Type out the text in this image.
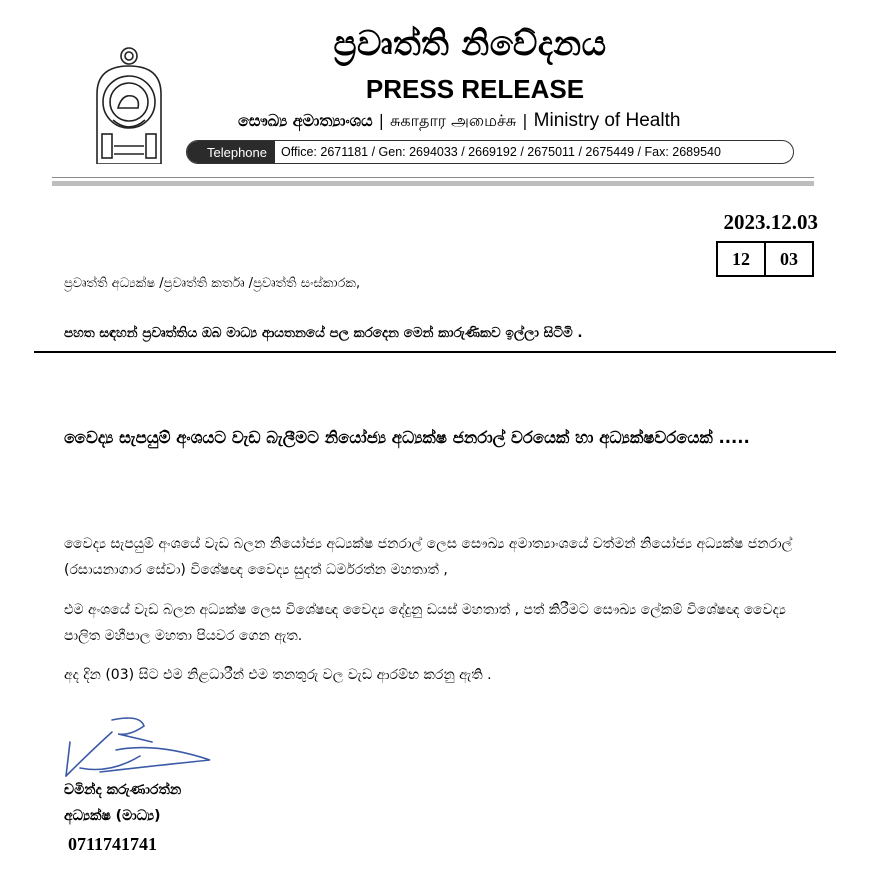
ප්‍රවෘත්ති නිවේදනය
PRESS RELEASE
සෞඛ්‍ය අමාත්‍යාංශය | சுகாதார அமைச்சு | Ministry of Health
Telephone	Office: 2671181 / Gen: 2694033 / 2669192 / 2675011 / 2675449 / Fax: 2689540
2023.12.03
12	03
ප්‍රවෘත්ති අධ්‍යක්ෂ /ප්‍රවෘත්ති කර්තෘ /ප්‍රවෘත්ති සංස්කාරක,
පහත සඳහන් ප්‍රවෘත්තිය ඔබ මාධ්‍ය ආයතනයේ පල කරදෙන මෙන් කාරුණිකව ඉල්ලා සිටිමි .
වෛද්‍ය සැපයුම් අංශයට වැඩ බැලීමට නියෝජ්‍ය අධ්‍යක්ෂ ජනරාල් වරයෙක් හා අධ්‍යක්ෂවරයෙක් .....
වෛද්‍ය සැපයුම් අංශයේ වැඩ බලන නියෝජ්‍ය අධ්‍යක්ෂ ජනරාල් ලෙස සෞඛ්‍ය අමාත්‍යාංශයේ වත්මන් නියෝජ්‍ය අධ්‍යක්ෂ ජනරාල් (රසායනාගාර සේවා) විශේෂඥ වෛද්‍ය සුදත් ධර්මරත්න මහතාත් ,
එම අංශයේ වැඩ බලන අධ්‍යක්ෂ ලෙස විශේෂඥ වෛද්‍ය දේදුනු ඩයස් මහතාත් , පත් කිරීමට සෞඛ්‍ය ලේකම් විශේෂඥ වෛද්‍ය පාලිත මහීපාල මහතා පියවර ගෙන ඇත.
අද දින (03) සිට එම නිළධාරීන් එම තනතුරු වල වැඩ ආරම්භ කරනු ඇති .
චමින්ද කරුණාරත්න
අධ්‍යක්ෂ (මාධ්‍ය)
0711741741
